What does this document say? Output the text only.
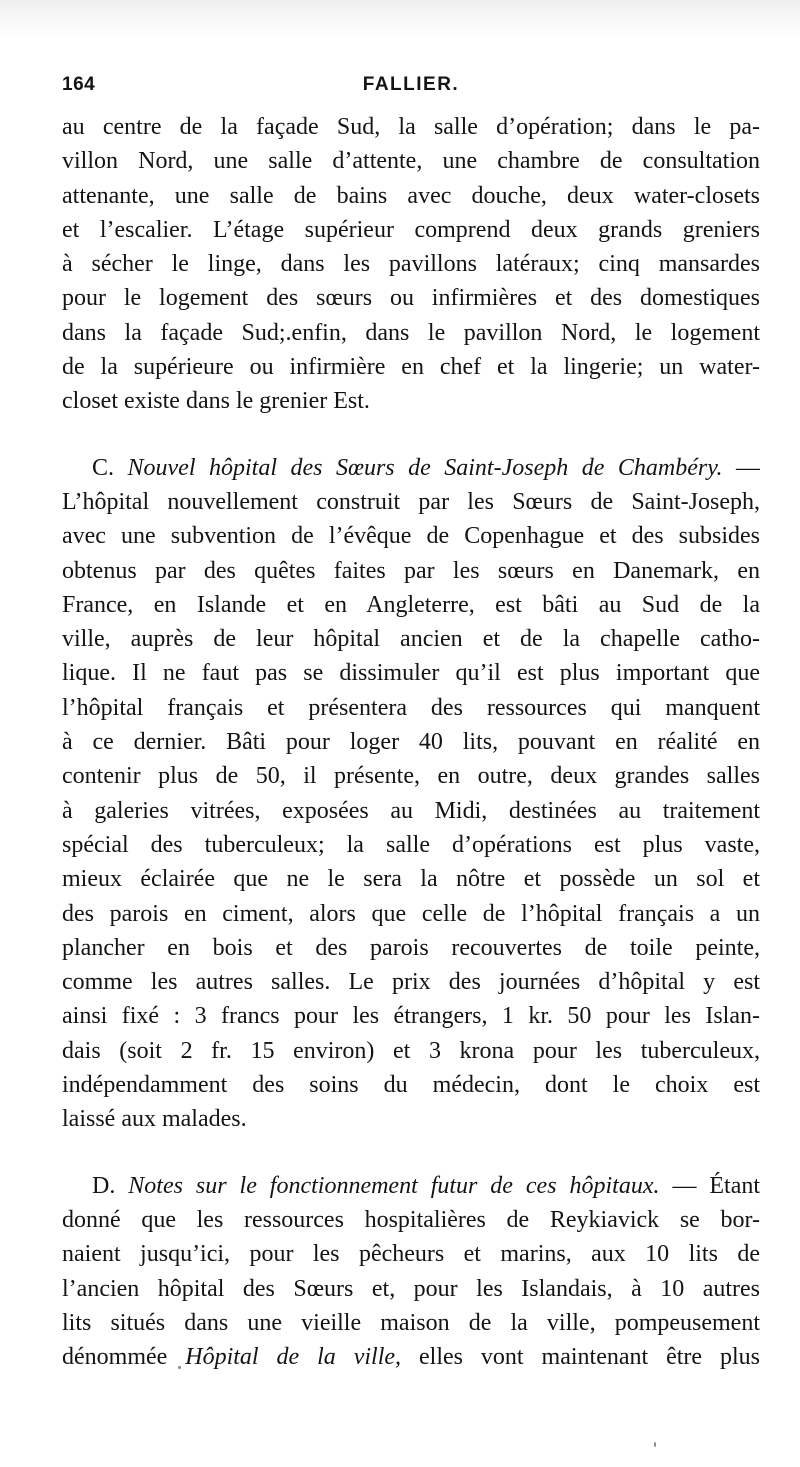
164	FALLIER.
au centre de la façade Sud, la salle d’opération; dans le pa-
villon Nord, une salle d’attente, une chambre de consultation
attenante, une salle de bains avec douche, deux water-closets
et l’escalier. L’étage supérieur comprend deux grands greniers
à sécher le linge, dans les pavillons latéraux; cinq mansardes
pour le logement des sœurs ou infirmières et des domestiques
dans la façade Sud;.enfin, dans le pavillon Nord, le logement
de la supérieure ou infirmière en chef et la lingerie; un water-
closet existe dans le grenier Est.
C. Nouvel hôpital des Sœurs de Saint-Joseph de Chambéry. —
L’hôpital nouvellement construit par les Sœurs de Saint-Joseph,
avec une subvention de l’évêque de Copenhague et des subsides
obtenus par des quêtes faites par les sœurs en Danemark, en
France, en Islande et en Angleterre, est bâti au Sud de la
ville, auprès de leur hôpital ancien et de la chapelle catho-
lique. Il ne faut pas se dissimuler qu’il est plus important que
l’hôpital français et présentera des ressources qui manquent
à ce dernier. Bâti pour loger 40 lits, pouvant en réalité en
contenir plus de 50, il présente, en outre, deux grandes salles
à galeries vitrées, exposées au Midi, destinées au traitement
spécial des tuberculeux; la salle d’opérations est plus vaste,
mieux éclairée que ne le sera la nôtre et possède un sol et
des parois en ciment, alors que celle de l’hôpital français a un
plancher en bois et des parois recouvertes de toile peinte,
comme les autres salles. Le prix des journées d’hôpital y est
ainsi fixé : 3 francs pour les étrangers, 1 kr. 50 pour les Islan-
dais (soit 2 fr. 15 environ) et 3 krona pour les tuberculeux,
indépendamment des soins du médecin, dont le choix est
laissé aux malades.
D. Notes sur le fonctionnement futur de ces hôpitaux. — Étant
donné que les ressources hospitalières de Reykiavick se bor-
naient jusqu’ici, pour les pêcheurs et marins, aux 10 lits de
l’ancien hôpital des Sœurs et, pour les Islandais, à 10 autres
lits situés dans une vieille maison de la ville, pompeusement
dénommée Hôpital de la ville, elles vont maintenant être plus
